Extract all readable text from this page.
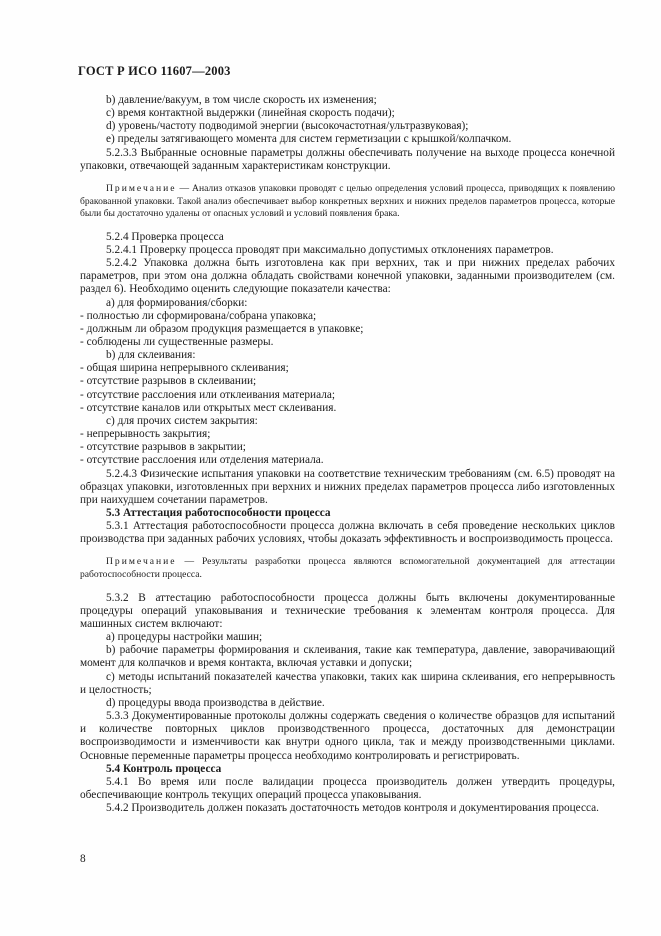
ГОСТ Р ИСО 11607—2003

b) давление/вакуум, в том числе скорость их изменения;

c) время контактной выдержки (линейная скорость подачи);

d) уровень/частоту подводимой энергии (высокочастотная/ультразвуковая);

e) пределы затягивающего момента для систем герметизации с крышкой/колпачком.

5.2.3.3 Выбранные основные параметры должны обеспечивать получение на выходе процесса конечной упаковки, отвечающей заданным характеристикам конструкции.

Примечание — Анализ отказов упаковки проводят с целью определения условий процесса, приводящих к появлению бракованной упаковки. Такой анализ обеспечивает выбор конкретных верхних и нижних пределов параметров процесса, которые были бы достаточно удалены от опасных условий и условий появления брака.

5.2.4 Проверка процесса

5.2.4.1 Проверку процесса проводят при максимально допустимых отклонениях параметров.

5.2.4.2 Упаковка должна быть изготовлена как при верхних, так и при нижних пределах рабочих параметров, при этом она должна обладать свойствами конечной упаковки, заданными производителем (см. раздел 6). Необходимо оценить следующие показатели качества:

a) для формирования/сборки:

- полностью ли сформирована/собрана упаковка;

- должным ли образом продукция размещается в упаковке;

- соблюдены ли существенные размеры.

b) для склеивания:

- общая ширина непрерывного склеивания;

- отсутствие разрывов в склеивании;

- отсутствие расслоения или отклеивания материала;

- отсутствие каналов или открытых мест склеивания.

c) для прочих систем закрытия:

- непрерывность закрытия;

- отсутствие разрывов в закрытии;

- отсутствие расслоения или отделения материала.

5.2.4.3 Физические испытания упаковки на соответствие техническим требованиям (см. 6.5) проводят на образцах упаковки, изготовленных при верхних и нижних пределах параметров процесса либо изготовленных при наихудшем сочетании параметров.

5.3 Аттестация работоспособности процесса

5.3.1 Аттестация работоспособности процесса должна включать в себя проведение нескольких циклов производства при заданных рабочих условиях, чтобы доказать эффективность и воспроизводимость процесса.

Примечание — Результаты разработки процесса являются вспомогательной документацией для аттестации работоспособности процесса.

5.3.2 В аттестацию работоспособности процесса должны быть включены документированные процедуры операций упаковывания и технические требования к элементам контроля процесса. Для машинных систем включают:

a) процедуры настройки машин;

b) рабочие параметры формирования и склеивания, такие как температура, давление, заворачивающий момент для колпачков и время контакта, включая уставки и допуски;

c) методы испытаний показателей качества упаковки, таких как ширина склеивания, его непрерывность и целостность;

d) процедуры ввода производства в действие.

5.3.3 Документированные протоколы должны содержать сведения о количестве образцов для испытаний и количестве повторных циклов производственного процесса, достаточных для демонстрации воспроизводимости и изменчивости как внутри одного цикла, так и между производственными циклами. Основные переменные параметры процесса необходимо контролировать и регистрировать.

5.4 Контроль процесса

5.4.1 Во время или после валидации процесса производитель должен утвердить процедуры, обеспечивающие контроль текущих операций процесса упаковывания.

5.4.2 Производитель должен показать достаточность методов контроля и документирования процесса.

8
